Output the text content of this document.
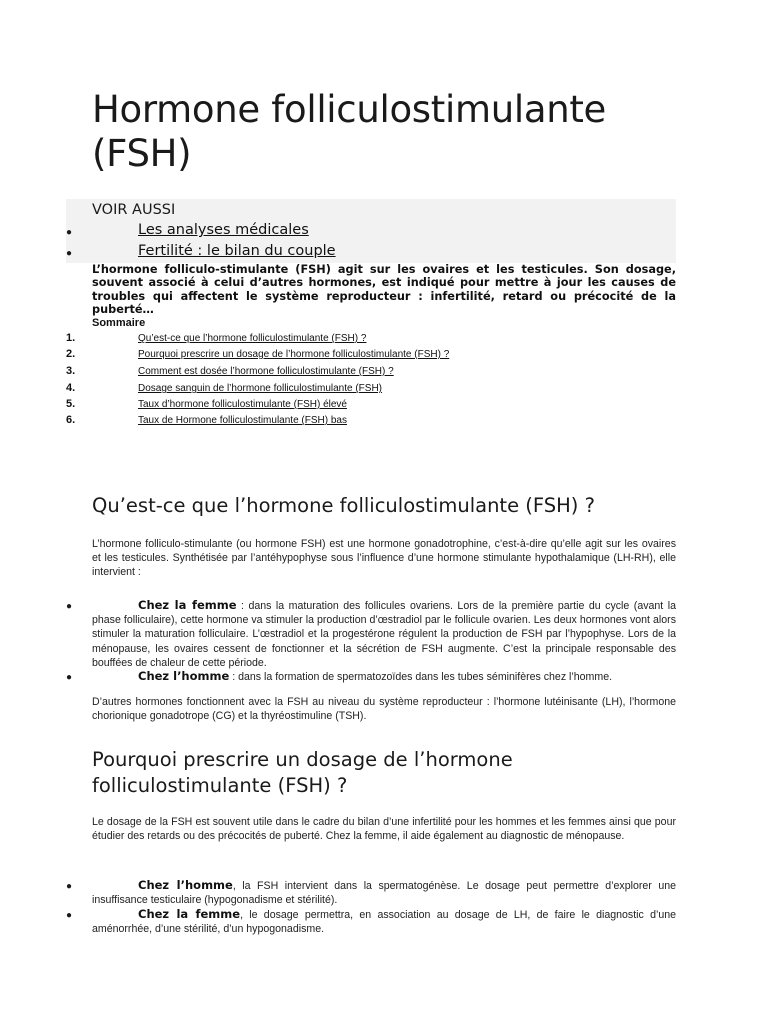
Hormone folliculostimulante (FSH)
VOIR AUSSI
●	Les analyses médicales
●	Fertilité : le bilan du couple
L’hormone folliculo-stimulante (FSH) agit sur les ovaires et les testicules. Son dosage, souvent associé à celui d’autres hormones, est indiqué pour mettre à jour les causes de troubles qui affectent le système reproducteur : infertilité, retard ou précocité de la puberté…
Sommaire
1.	Qu’est-ce que l’hormone folliculostimulante (FSH) ?
2.	Pourquoi prescrire un dosage de l’hormone folliculostimulante (FSH) ?
3.	Comment est dosée l’hormone folliculostimulante (FSH) ?
4.	Dosage sanguin de l’hormone folliculostimulante (FSH)
5.	Taux d’hormone folliculostimulante (FSH) élevé
6.	Taux de Hormone folliculostimulante (FSH) bas
Qu’est-ce que l’hormone folliculostimulante (FSH) ?
L’hormone folliculo-stimulante (ou hormone FSH) est une hormone gonadotrophine, c’est-à-dire qu’elle agit sur les ovaires et les testicules. Synthétisée par l’antéhypophyse sous l’influence d’une hormone stimulante hypothalamique (LH-RH), elle intervient :
●	Chez la femme : dans la maturation des follicules ovariens. Lors de la première partie du cycle (avant la phase folliculaire), cette hormone va stimuler la production d’œstradiol par le follicule ovarien. Les deux hormones vont alors stimuler la maturation folliculaire. L’œstradiol et la progestérone régulent la production de FSH par l’hypophyse. Lors de la ménopause, les ovaires cessent de fonctionner et la sécrétion de FSH augmente. C’est la principale responsable des bouffées de chaleur de cette période.
●	Chez l’homme : dans la formation de spermatozoïdes dans les tubes séminifères chez l’homme.
D’autres hormones fonctionnent avec la FSH au niveau du système reproducteur : l’hormone lutéinisante (LH), l’hormone chorionique gonadotrope (CG) et la thyréostimuline (TSH).
Pourquoi prescrire un dosage de l’hormone folliculostimulante (FSH) ?
Le dosage de la FSH est souvent utile dans le cadre du bilan d’une infertilité pour les hommes et les femmes ainsi que pour étudier des retards ou des précocités de puberté. Chez la femme, il aide également au diagnostic de ménopause.
●	Chez l’homme, la FSH intervient dans la spermatogénèse. Le dosage peut permettre d’explorer une insuffisance testiculaire (hypogonadisme et stérilité).
●	Chez la femme, le dosage permettra, en association au dosage de LH, de faire le diagnostic d’une aménorrhée, d’une stérilité, d’un hypogonadisme.
